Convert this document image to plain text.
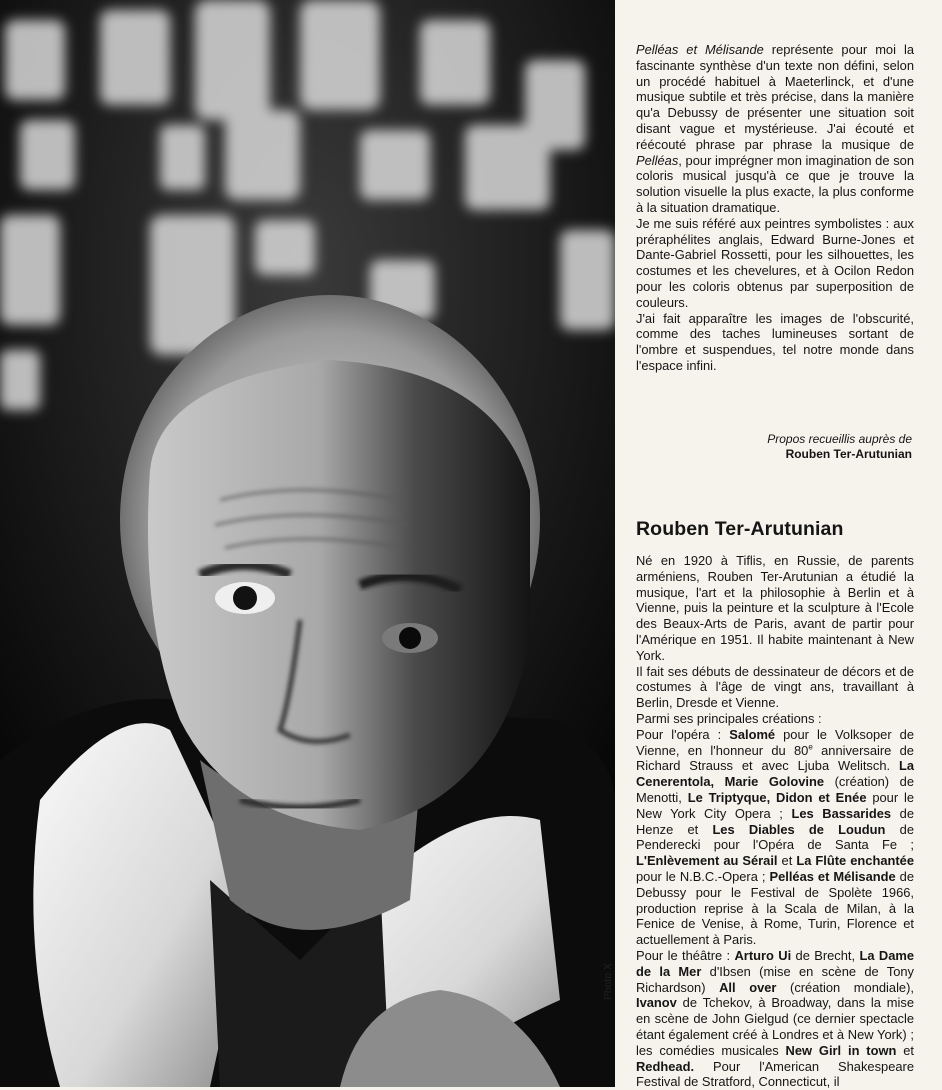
Photo X

Pelléas et Mélisande représente pour moi la fascinante synthèse d'un texte non défini, selon un procédé habituel à Maeterlinck, et d'une musique subtile et très précise, dans la manière qu'a Debussy de présenter une situation soit disant vague et mystérieuse. J'ai écouté et réécouté phrase par phrase la musique de Pelléas, pour imprégner mon imagination de son coloris musical jusqu'à ce que je trouve la solution visuelle la plus exacte, la plus conforme à la situation dramatique.

Je me suis référé aux peintres symbolistes : aux préraphélites anglais, Edward Burne-Jones et Dante-Gabriel Rossetti, pour les silhouettes, les costumes et les chevelures, et à Ocilon Redon pour les coloris obtenus par superposition de couleurs.

J'ai fait apparaître les images de l'obscurité, comme des taches lumineuses sortant de l'ombre et suspendues, tel notre monde dans l'espace infini.

Propos recueillis auprès de
Rouben Ter-Arutunian
Rouben Ter-Arutunian

Né en 1920 à Tiflis, en Russie, de parents arméniens, Rouben Ter-Arutunian a étudié la musique, l'art et la philosophie à Berlin et à Vienne, puis la peinture et la sculpture à l'Ecole des Beaux-Arts de Paris, avant de partir pour l'Amérique en 1951. Il habite maintenant à New York.

Il fait ses débuts de dessinateur de décors et de costumes à l'âge de vingt ans, travaillant à Berlin, Dresde et Vienne.

Parmi ses principales créations :

Pour l'opéra : Salomé pour le Volksoper de Vienne, en l'honneur du 80e anniversaire de Richard Strauss et avec Ljuba Welitsch. La Cenerentola, Marie Golovine (création) de Menotti, Le Triptyque, Didon et Enée pour le New York City Opera ; Les Bassarides de Henze et Les Diables de Loudun de Penderecki pour l'Opéra de Santa Fe ; L'Enlèvement au Sérail et La Flûte enchantée pour le N.B.C.-Opera ; Pelléas et Mélisande de Debussy pour le Festival de Spolète 1966, production reprise à la Scala de Milan, à la Fenice de Venise, à Rome, Turin, Florence et actuellement à Paris.

Pour le théâtre : Arturo Ui de Brecht, La Dame de la Mer d'Ibsen (mise en scène de Tony Richardson) All over (création mondiale), Ivanov de Tchekov, à Broadway, dans la mise en scène de John Gielgud (ce dernier spectacle étant également créé à Londres et à New York) ; les comédies musicales New Girl in town et Redhead. Pour l'American Shakespeare Festival de Stratford, Connecticut, il
